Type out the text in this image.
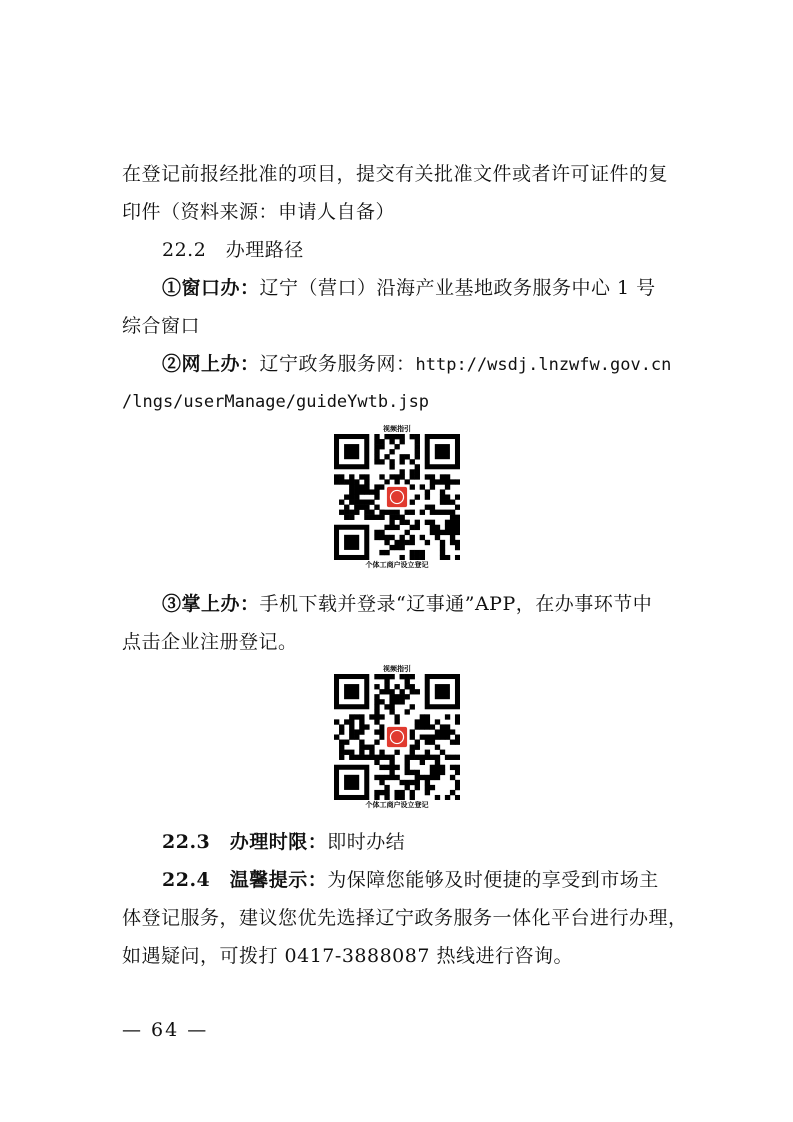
在登记前报经批准的项目，提交有关批准文件或者许可证件的复
印件（资料来源：申请人自备）
22.2　办理路径
①窗口办：辽宁（营口）沿海产业基地政务服务中心 1 号
综合窗口
②网上办：辽宁政务服务网：http://wsdj.lnzwfw.gov.cn
/lngs/userManage/guideYwtb.jsp
视频指引
个体工商户设立登记
③掌上办：手机下载并登录“辽事通”APP，在办事环节中
点击企业注册登记。
视频指引
个体工商户设立登记
22.3　办理时限：即时办结
22.4　温馨提示：为保障您能够及时便捷的享受到市场主
体登记服务，建议您优先选择辽宁政务服务一体化平台进行办理，
如遇疑问，可拨打 0417-3888087 热线进行咨询。
— 64 —
